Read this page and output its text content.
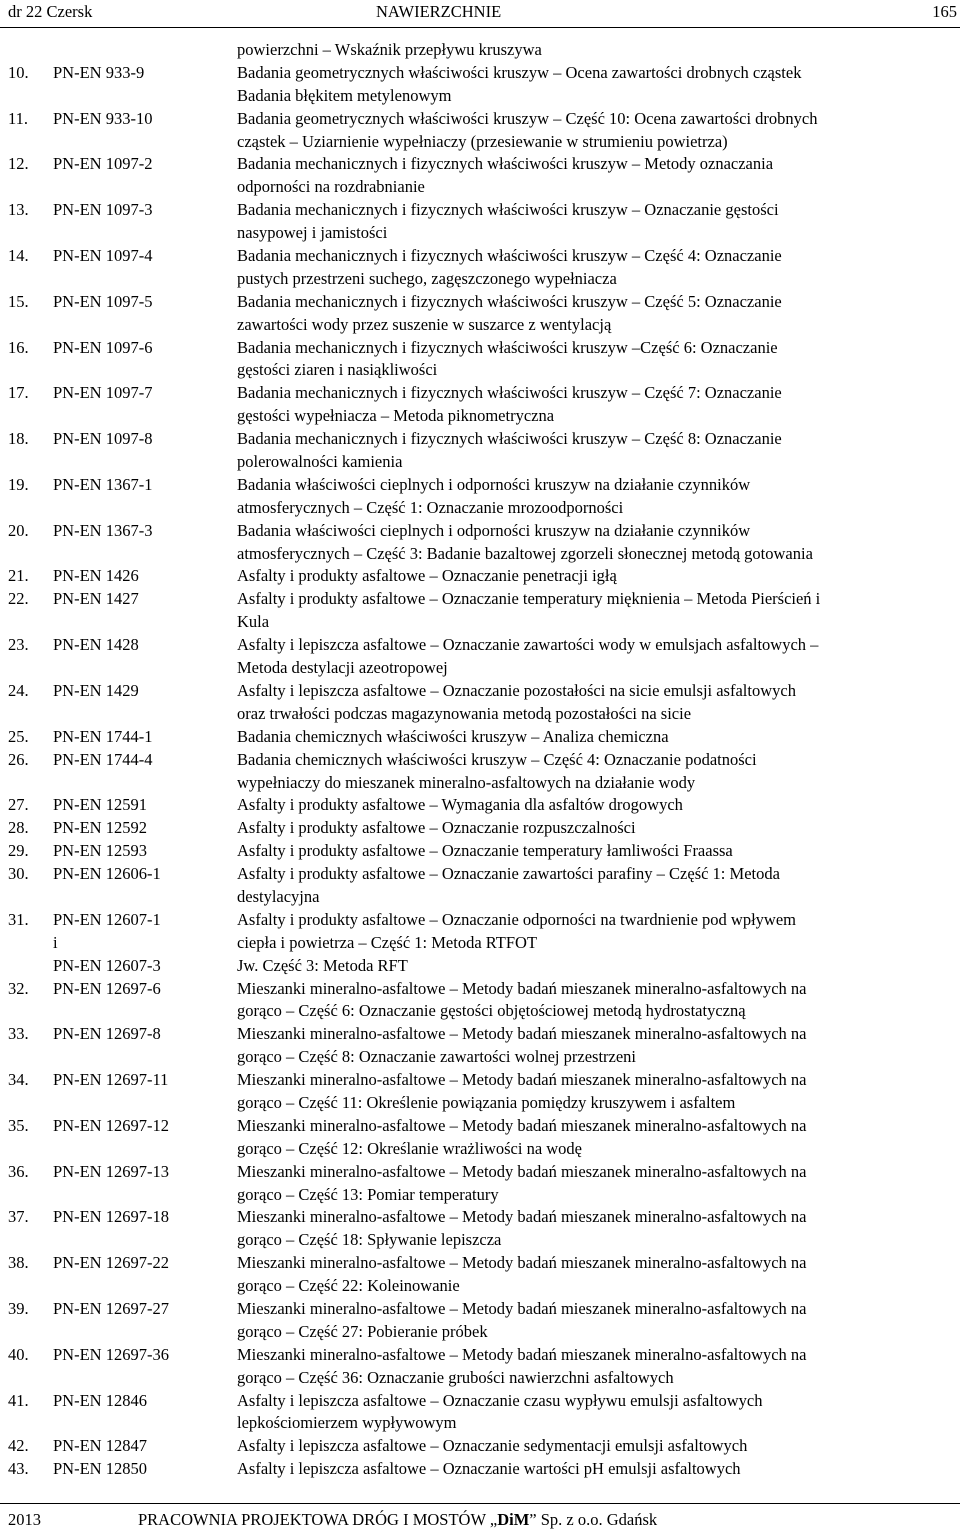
dr 22 Czersk	NAWIERZCHNIE	165
powierzchni – Wskaźnik przepływu kruszywa
10. PN-EN 933-9	Badania geometrycznych właściwości kruszyw – Ocena zawartości drobnych cząstek
Badania błękitem metylenowym
11. PN-EN 933-10	Badania geometrycznych właściwości kruszyw – Część 10: Ocena zawartości drobnych
cząstek – Uziarnienie wypełniaczy (przesiewanie w strumieniu powietrza)
12. PN-EN 1097-2	Badania mechanicznych i fizycznych właściwości kruszyw – Metody oznaczania
odporności na rozdrabnianie
13. PN-EN 1097-3	Badania mechanicznych i fizycznych właściwości kruszyw – Oznaczanie gęstości
nasypowej i jamistości
14. PN-EN 1097-4	Badania mechanicznych i fizycznych właściwości kruszyw – Część 4: Oznaczanie
pustych przestrzeni suchego, zagęszczonego wypełniacza
15. PN-EN 1097-5	Badania mechanicznych i fizycznych właściwości kruszyw – Część 5: Oznaczanie
zawartości wody przez suszenie w suszarce z wentylacją
16. PN-EN 1097-6	Badania mechanicznych i fizycznych właściwości kruszyw –Część 6: Oznaczanie
gęstości ziaren i nasiąkliwości
17. PN-EN 1097-7	Badania mechanicznych i fizycznych właściwości kruszyw – Część 7: Oznaczanie
gęstości wypełniacza – Metoda piknometryczna
18. PN-EN 1097-8	Badania mechanicznych i fizycznych właściwości kruszyw – Część 8: Oznaczanie
polerowalności kamienia
19. PN-EN 1367-1	Badania właściwości cieplnych i odporności kruszyw na działanie czynników
atmosferycznych – Część 1: Oznaczanie mrozoodporności
20. PN-EN 1367-3	Badania właściwości cieplnych i odporności kruszyw na działanie czynników
atmosferycznych – Część 3: Badanie bazaltowej zgorzeli słonecznej metodą gotowania
21. PN-EN 1426	Asfalty i produkty asfaltowe – Oznaczanie penetracji igłą
22. PN-EN 1427	Asfalty i produkty asfaltowe – Oznaczanie temperatury mięknienia – Metoda Pierścień i
Kula
23. PN-EN 1428	Asfalty i lepiszcza asfaltowe – Oznaczanie zawartości wody w emulsjach asfaltowych –
Metoda destylacji azeotropowej
24. PN-EN 1429	Asfalty i lepiszcza asfaltowe – Oznaczanie pozostałości na sicie emulsji asfaltowych
oraz trwałości podczas magazynowania metodą pozostałości na sicie
25. PN-EN 1744-1	Badania chemicznych właściwości kruszyw – Analiza chemiczna
26. PN-EN 1744-4	Badania chemicznych właściwości kruszyw – Część 4: Oznaczanie podatności
wypełniaczy do mieszanek mineralno-asfaltowych na działanie wody
27. PN-EN 12591	Asfalty i produkty asfaltowe – Wymagania dla asfaltów drogowych
28. PN-EN 12592	Asfalty i produkty asfaltowe – Oznaczanie rozpuszczalności
29. PN-EN 12593	Asfalty i produkty asfaltowe – Oznaczanie temperatury łamliwości Fraassa
30. PN-EN 12606-1	Asfalty i produkty asfaltowe – Oznaczanie zawartości parafiny – Część 1: Metoda
destylacyjna
31. PN-EN 12607-1	Asfalty i produkty asfaltowe – Oznaczanie odporności na twardnienie pod wpływem
i	ciepła i powietrza – Część 1: Metoda RTFOT
PN-EN 12607-3	Jw. Część 3: Metoda RFT
32. PN-EN 12697-6	Mieszanki mineralno-asfaltowe – Metody badań mieszanek mineralno-asfaltowych na
gorąco – Część 6: Oznaczanie gęstości objętościowej metodą hydrostatyczną
33. PN-EN 12697-8	Mieszanki mineralno-asfaltowe – Metody badań mieszanek mineralno-asfaltowych na
gorąco – Część 8: Oznaczanie zawartości wolnej przestrzeni
34. PN-EN 12697-11	Mieszanki mineralno-asfaltowe – Metody badań mieszanek mineralno-asfaltowych na
gorąco – Część 11: Określenie powiązania pomiędzy kruszywem i asfaltem
35. PN-EN 12697-12	Mieszanki mineralno-asfaltowe – Metody badań mieszanek mineralno-asfaltowych na
gorąco – Część 12: Określanie wrażliwości na wodę
36. PN-EN 12697-13	Mieszanki mineralno-asfaltowe – Metody badań mieszanek mineralno-asfaltowych na
gorąco – Część 13: Pomiar temperatury
37. PN-EN 12697-18	Mieszanki mineralno-asfaltowe – Metody badań mieszanek mineralno-asfaltowych na
gorąco – Część 18: Spływanie lepiszcza
38. PN-EN 12697-22	Mieszanki mineralno-asfaltowe – Metody badań mieszanek mineralno-asfaltowych na
gorąco – Część 22: Koleinowanie
39. PN-EN 12697-27	Mieszanki mineralno-asfaltowe – Metody badań mieszanek mineralno-asfaltowych na
gorąco – Część 27: Pobieranie próbek
40. PN-EN 12697-36	Mieszanki mineralno-asfaltowe – Metody badań mieszanek mineralno-asfaltowych na
gorąco – Część 36: Oznaczanie grubości nawierzchni asfaltowych
41. PN-EN 12846	Asfalty i lepiszcza asfaltowe – Oznaczanie czasu wypływu emulsji asfaltowych
lepkościomierzem wypływowym
42. PN-EN 12847	Asfalty i lepiszcza asfaltowe – Oznaczanie sedymentacji emulsji asfaltowych
43. PN-EN 12850	Asfalty i lepiszcza asfaltowe – Oznaczanie wartości pH emulsji asfaltowych
2013	PRACOWNIA PROJEKTOWA DRÓG I MOSTÓW „DiM” Sp. z o.o. Gdańsk
